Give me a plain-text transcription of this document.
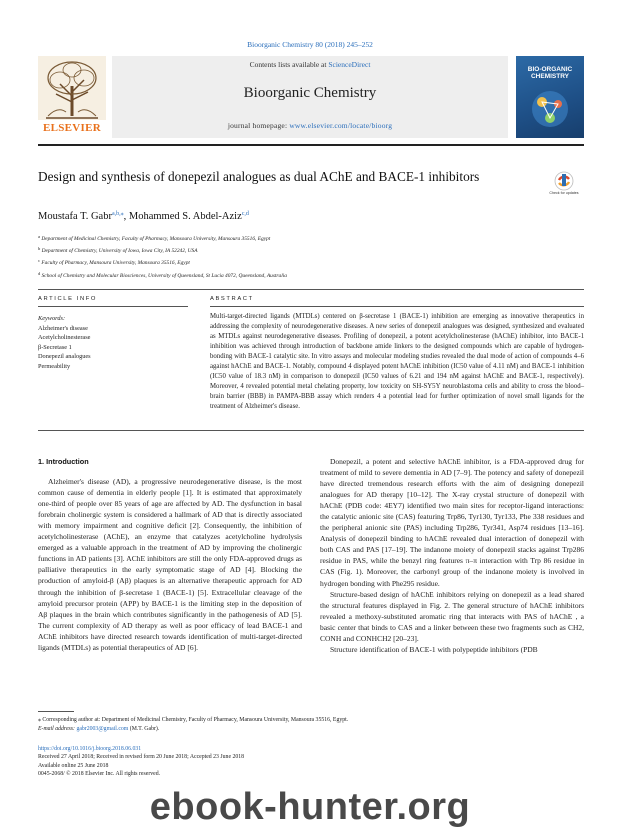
Bioorganic Chemistry 80 (2018) 245–252
ELSEVIER
Contents lists available at ScienceDirect
Bioorganic Chemistry
journal homepage: www.elsevier.com/locate/bioorg
BIO-ORGANIC CHEMISTRY
Design and synthesis of donepezil analogues as dual AChE and BACE-1 inhibitors
Check for updates
Moustafa T. Gabr$^{a,b,⁎}$, Mohammed S. Abdel-Aziz$^{c,d}$
$^a$ Department of Medicinal Chemistry, Faculty of Pharmacy, Mansoura University, Mansoura 35516, Egypt
$^b$ Department of Chemistry, University of Iowa, Iowa City, IA 52242, USA
$^c$ Faculty of Pharmacy, Mansoura University, Mansoura 35516, Egypt
$^d$ School of Chemistry and Molecular Biosciences, University of Queensland, St Lucia 4072, Queensland, Australia
ARTICLE INFO	ABSTRACT
Keywords:
Alzheimer's disease
Acetylcholinesterase
β-Secretase 1
Donepezil analogues
Permeability
Multi-target-directed ligands (MTDLs) centered on β-secretase 1 (BACE-1) inhibition are emerging as innovative therapeutics in addressing the complexity of neurodegenerative diseases. A new series of donepezil analogues was designed, synthesized and evaluated as MTDLs against neurodegenerative diseases. Profiling of donepezil, a potent acetylcholinesterase (hAChE) inhibitor, into BACE-1 inhibition was achieved through introduction of backbone amide linkers to the designed compounds which are capable of hydrogen-bonding with BACE-1 catalytic site. In vitro assays and molecular modeling studies revealed the dual mode of action of compounds 4–6 against hAChE and BACE-1. Notably, compound 4 displayed potent hAChE inhibition (IC50 value of 4.11 nM) and BACE-1 inhibition (IC50 value of 18.3 nM) in comparison to donepezil (IC50 values of 6.21 and 194 nM against hAChE and BACE-1, respectively). Moreover, 4 revealed potential metal chelating property, low toxicity on SH-SY5Y neuroblastoma cells and ability to cross the blood–brain barrier (BBB) in PAMPA-BBB assay which renders 4 a potential lead for further optimization of novel small ligands for the treatment of Alzheimer's disease.
1. Introduction

Alzheimer's disease (AD), a progressive neurodegenerative disease, is the most common cause of dementia in elderly people [1]. It is estimated that approximately one-third of people over 85 years of age are affected by AD. The dysfunction in basal forebrain cholinergic system is considered a hallmark of AD that is directly associated with memory impairment and cognitive deficit [2]. Consequently, the inhibition of acetylcholinesterase (AChE), an enzyme that catalyzes acetylcholine hydrolysis emerged as a valuable approach in the treatment of AD by improving the cholinergic functions in AD patients [3]. AChE inhibitors are still the only FDA-approved drugs as palliative therapeutics in the early symptomatic stage of AD [4]. Blocking the production of amyloid-β (Aβ) plaques is an alternative therapeutic approach for AD through the inhibition of β-secretase 1 (BACE-1) [5]. Extracellular cleavage of the amyloid precursor protein (APP) by BACE-1 is the limiting step in the deposition of Aβ plaques in the brain which contributes significantly in the pathogenesis of AD [5]. The current complexity of AD therapy as well as poor efficacy of lead BACE-1 and AChE inhibitors have directed research towards identification of multi-target-directed ligands (MTDLs) as potential therapeutics of AD [6].

Donepezil, a potent and selective hAChE inhibitor, is a FDA-approved drug for treatment of mild to severe dementia in AD [7–9]. The potency and safety of donepezil have directed tremendous research efforts with the aim of designing donepezil analogues for AD therapy [10–12]. The X-ray crystal structure of donepezil with hAChE (PDB code: 4EY7) identified two main sites for receptor-ligand interactions: the catalytic anionic site (CAS) featuring Trp86, Tyr130, Tyr133, Phe 338 residues and the peripheral anionic site (PAS) including Trp286, Tyr341, Asp74 residues [13–16]. Analysis of donepezil binding to hAChE revealed dual interaction of donepezil with both CAS and PAS [17–19]. The indanone moiety of donepezil stacks against Trp286 residue in PAS, while the benzyl ring features π–π interaction with Trp 86 residue in CAS (Fig. 1). Moreover, the carbonyl group of the indanone moiety is involved in hydrogen bonding with Phe295 residue.

Structure-based design of hAChE inhibitors relying on donepezil as a lead shared the structural features displayed in Fig. 2. The general structure of hAChE inhibitors revealed a methoxy-substituted aromatic ring that interacts with PAS of hAChE , a basic center that binds to CAS and a linker between these two fragments such as CH2, CONH and CONHCH2 [20–23].

Structure identification of BACE-1 with polypeptide inhibitors (PDB

⁎ Corresponding author at: Department of Medicinal Chemistry, Faculty of Pharmacy, Mansoura University, Mansoura 35516, Egypt.
E-mail address: gabr2003@gmail.com (M.T. Gabr).
https://doi.org/10.1016/j.bioorg.2018.06.031
Received 27 April 2018; Received in revised form 20 June 2018; Accepted 23 June 2018
Available online 25 June 2018
0045-2068/ © 2018 Elsevier Inc. All rights reserved.
ebook-hunter.org
